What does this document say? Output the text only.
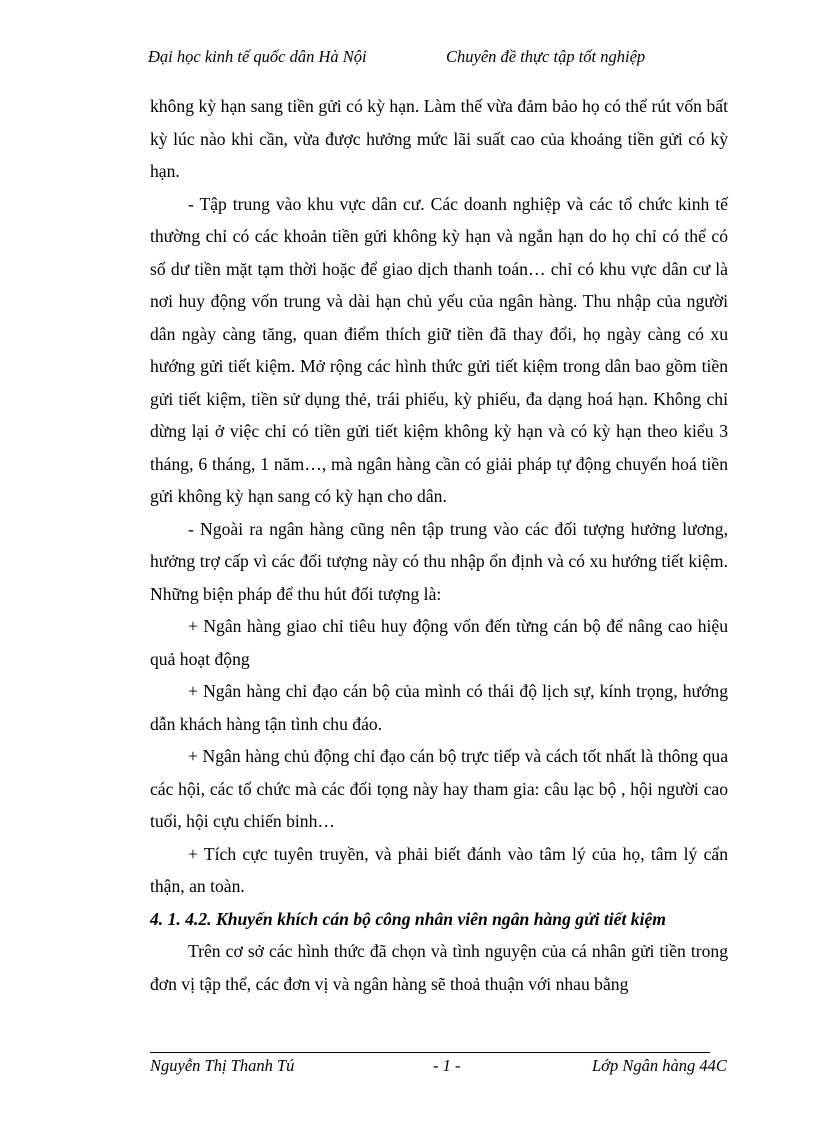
Đại học kinh tế quốc dân Hà Nội	Chuyên đề thực tập tốt nghiệp

không kỳ hạn sang tiền gửi có kỳ hạn. Làm thế vừa đảm bảo họ có thể rút vốn bất kỳ lúc nào khi cần, vừa được hưởng mức lãi suất cao của khoảng tiền gửi có kỳ hạn.

- Tập trung vào khu vực dân cư. Các doanh nghiệp và các tổ chức kinh tế thường chỉ có các khoản tiền gửi không kỳ hạn và ngắn hạn do họ chỉ có thể có số dư tiền mặt tạm thời hoặc để giao dịch thanh toán… chỉ có khu vực dân cư là nơi huy động vốn trung và dài hạn chủ yếu của ngân hàng. Thu nhập của người dân ngày càng tăng, quan điểm thích giữ tiền đã thay đổi, họ ngày càng có xu hướng gửi tiết kiệm. Mở rộng các hình thức gửi tiết kiệm trong dân bao gồm tiền gửi tiết kiệm, tiền sử dụng thẻ, trái phiếu, kỳ phiếu, đa dạng hoá hạn. Không chỉ dừng lại ở việc chỉ có tiền gửi tiết kiệm không kỳ hạn và có kỳ hạn theo kiểu 3 tháng, 6 tháng, 1 năm…, mà ngân hàng cần có giải pháp tự động chuyển hoá tiền gửi không kỳ hạn sang có kỳ hạn cho dân.

- Ngoài ra ngân hàng cũng nên tập trung vào các đối tượng hưởng lương, hưởng trợ cấp vì các đối tượng này có thu nhập ổn định và có xu hướng tiết kiệm. Những biện pháp để thu hút đối tượng là:

+ Ngân hàng giao chỉ tiêu huy động vốn đến từng cán bộ để nâng cao hiệu quả hoạt động

+ Ngân hàng chỉ đạo cán bộ của mình có thái độ lịch sự, kính trọng, hướng dẫn khách hàng tận tình chu đáo.

+ Ngân hàng chủ động chỉ đạo cán bộ trực tiếp và cách tốt nhất là thông qua các hội, các tổ chức mà các đối tọng này hay tham gia: câu lạc bộ , hội người cao tuổi, hội cựu chiến binh…

+ Tích cực tuyên truyền, và phải biết đánh vào tâm lý của họ, tâm lý cẩn thận, an toàn.

4. 1. 4.2. Khuyến khích cán bộ công nhân viên ngân hàng gửi tiết kiệm

Trên cơ sở các hình thức đã chọn và tình nguyện của cá nhân gửi tiền trong đơn vị tập thể, các đơn vị và ngân hàng sẽ thoả thuận với nhau bằng

Nguyễn Thị Thanh Tú	- 1 -	Lớp Ngân hàng 44C
